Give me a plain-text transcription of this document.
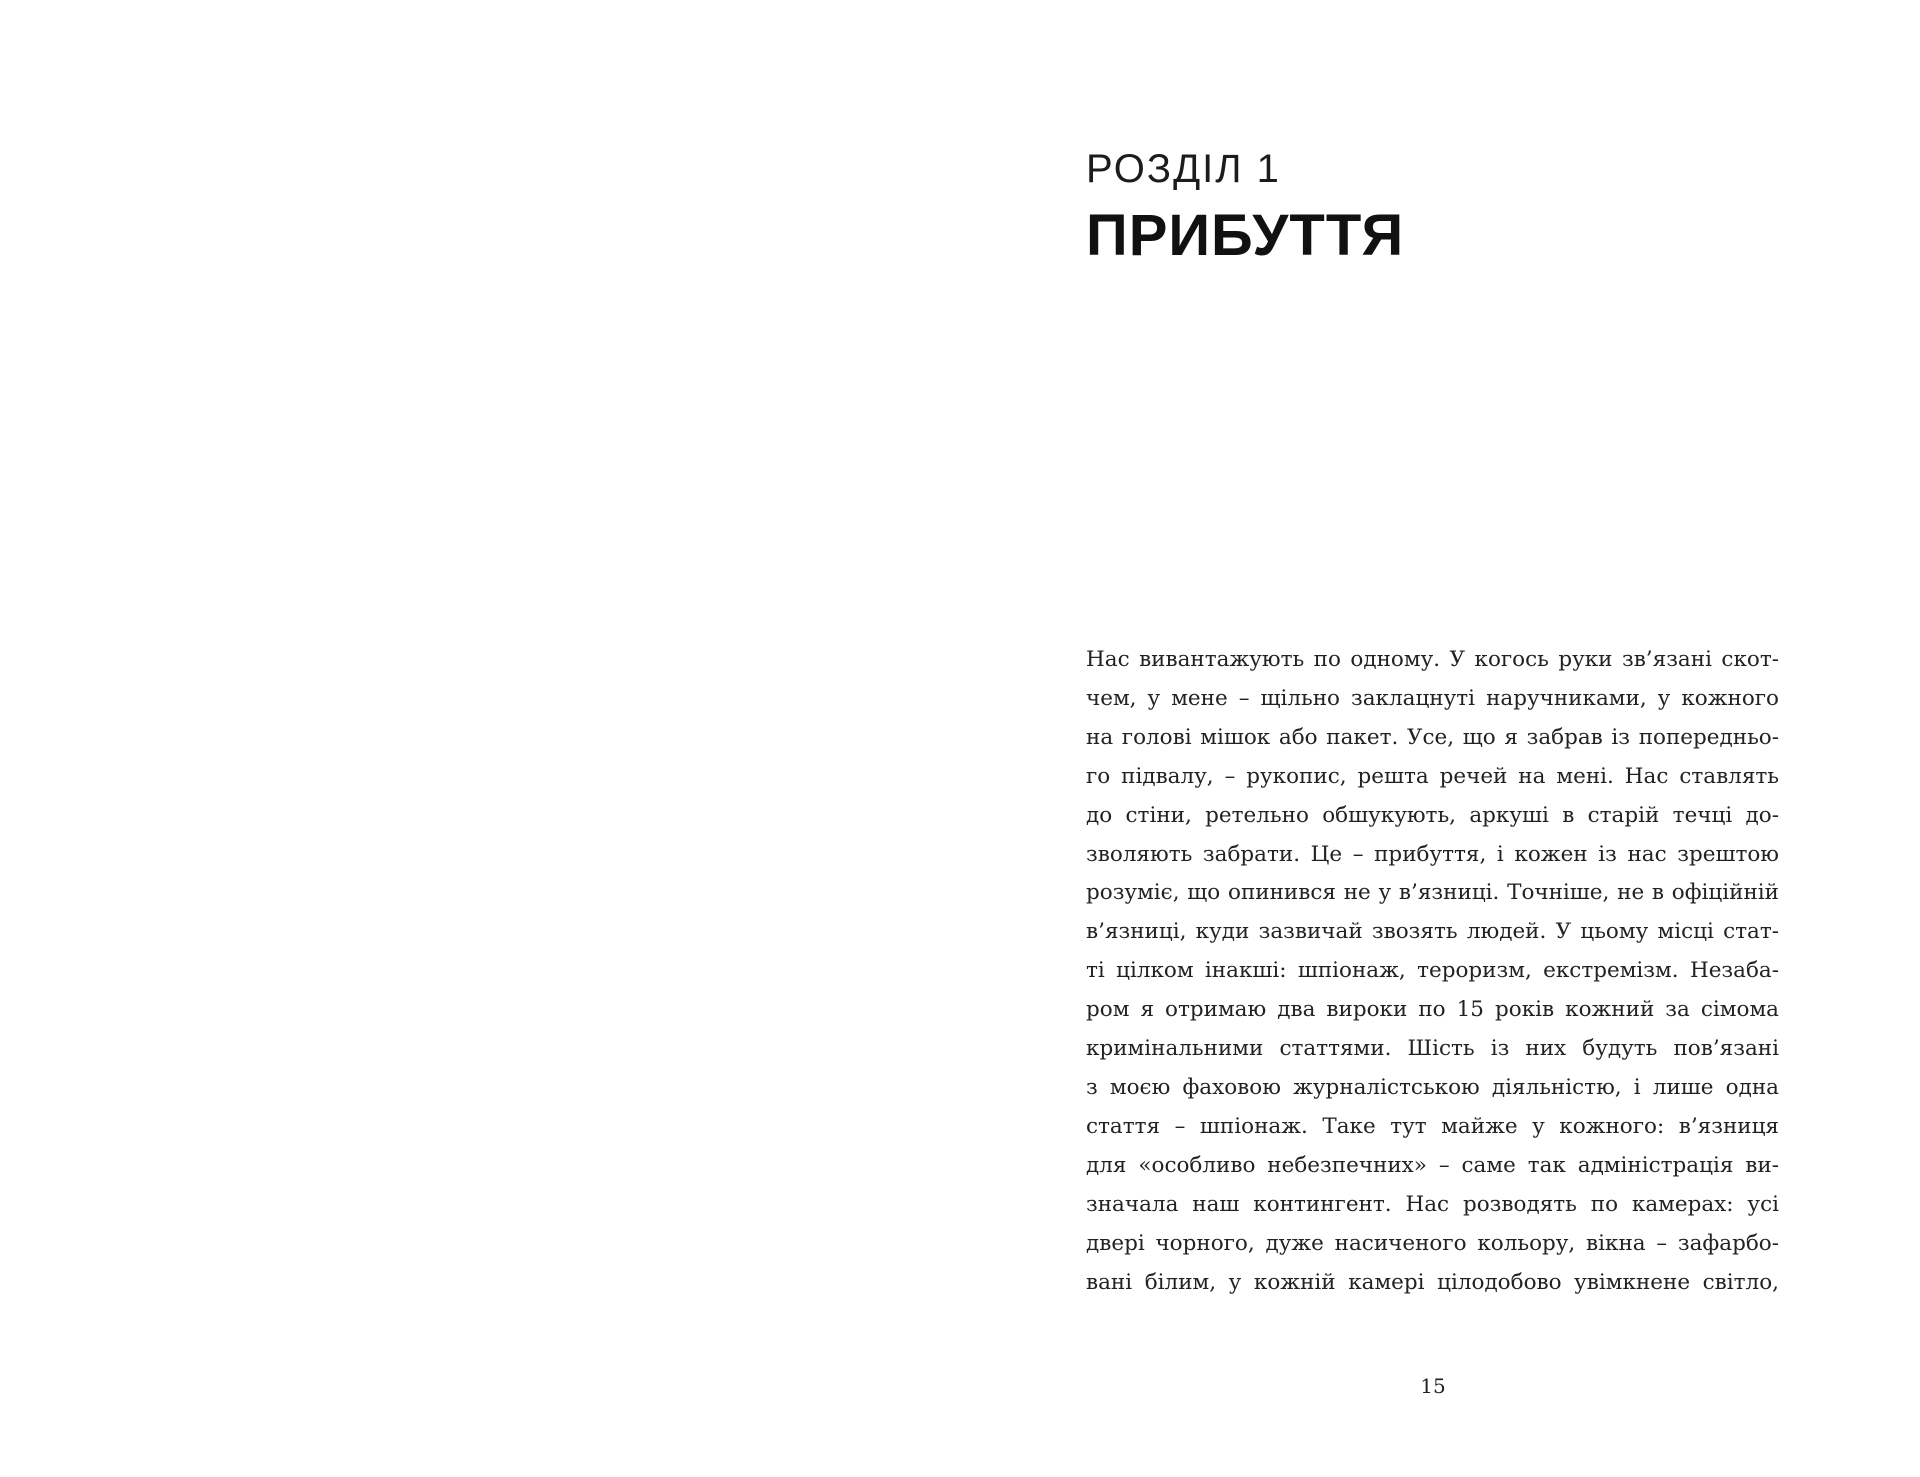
РОЗДІЛ 1
ПРИБУТТЯ
Нас вивантажують по одному. У когось руки зв’язані скот-
чем, у мене – щільно заклацнуті наручниками, у кожного
на голові мішок або пакет. Усе, що я забрав із попередньо-
го підвалу, – рукопис, решта речей на мені. Нас ставлять
до стіни, ретельно обшукують, аркуші в старій течці до-
зволяють забрати. Це – прибуття, і кожен із нас зрештою
розуміє, що опинився не у в’язниці. Точніше, не в офіційній
в’язниці, куди зазвичай звозять людей. У цьому місці стат-
ті цілком інакші: шпіонаж, тероризм, екстремізм. Незаба-
ром я отримаю два вироки по 15 років кожний за сімома
кримінальними статтями. Шість із них будуть пов’язані
з моєю фаховою журналістською діяльністю, і лише одна
стаття – шпіонаж. Таке тут майже у кожного: в’язниця
для «особливо небезпечних» – саме так адміністрація ви-
значала наш контингент. Нас розводять по камерах: усі
двері чорного, дуже насиченого кольору, вікна – зафарбо-
вані білим, у кожній камері цілодобово увімкнене світло,
15
